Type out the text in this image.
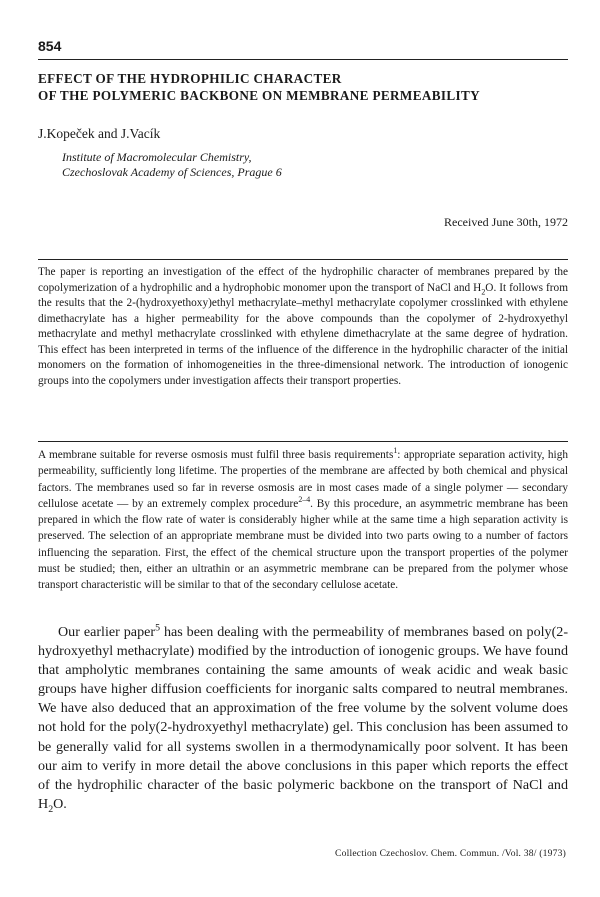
854
EFFECT OF THE HYDROPHILIC CHARACTER
OF THE POLYMERIC BACKBONE ON MEMBRANE PERMEABILITY
J.Kopeček and J.Vacík
Institute of Macromolecular Chemistry,
Czechoslovak Academy of Sciences, Prague 6
Received June 30th, 1972
The paper is reporting an investigation of the effect of the hydrophilic character of membranes prepared by the copolymerization of a hydrophilic and a hydrophobic monomer upon the transport of NaCl and $H_2O$. It follows from the results that the 2-(hydroxyethoxy)ethyl methacrylate–methyl methacrylate copolymer crosslinked with ethylene dimethacrylate has a higher permeability for the above compounds than the copolymer of 2-hydroxyethyl methacrylate and methyl methacrylate crosslinked with ethylene dimethacrylate at the same degree of hydration. This effect has been interpreted in terms of the influence of the difference in the hydrophilic character of the initial monomers on the formation of inhomogeneities in the three-dimensional network. The introduction of ionogenic groups into the copolymers under investigation affects their transport properties.

A membrane suitable for reverse osmosis must fulfil three basis requirements$^1$: appropriate separation activity, high permeability, sufficiently long lifetime. The properties of the membrane are affected by both chemical and physical factors. The membranes used so far in reverse osmosis are in most cases made of a single polymer — secondary cellulose acetate — by an extremely complex procedure$^{2-4}$. By this procedure, an asymmetric membrane has been prepared in which the flow rate of water is considerably higher while at the same time a high separation activity is preserved. The selection of an appropriate membrane must be divided into two parts owing to a number of factors influencing the separation. First, the effect of the chemical structure upon the transport properties of the polymer must be studied; then, either an ultrathin or an asymmetric membrane can be prepared from the polymer whose transport characteristic will be similar to that of the secondary cellulose acetate.

Our earlier paper$^5$ has been dealing with the permeability of membranes based on poly(2-hydroxyethyl methacrylate) modified by the introduction of ionogenic groups. We have found that ampholytic membranes containing the same amounts of weak acidic and weak basic groups have higher diffusion coefficients for inorganic salts compared to neutral membranes. We have also deduced that an approximation of the free volume by the solvent volume does not hold for the poly(2-hydroxyethyl methacrylate) gel. This conclusion has been assumed to be generally valid for all systems swollen in a thermodynamically poor solvent. It has been our aim to verify in more detail the above conclusions in this paper which reports the effect of the hydrophilic character of the basic polymeric backbone on the transport of NaCl and $H_2O$.

Collection Czechoslov. Chem. Commun. /Vol. 38/ (1973)
